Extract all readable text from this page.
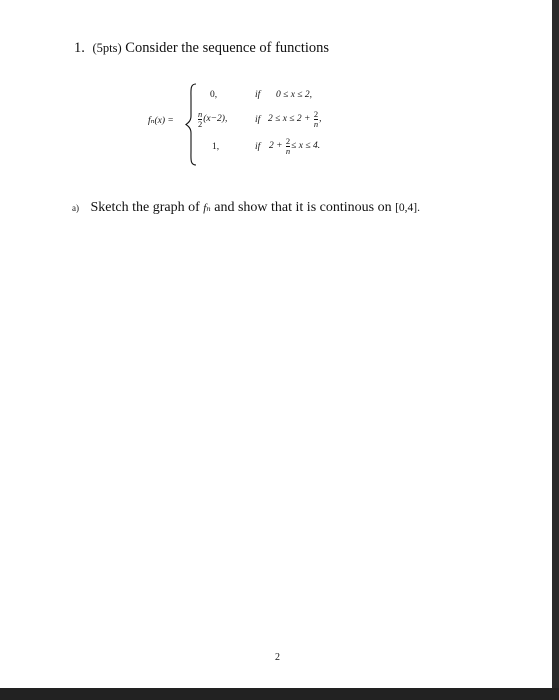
1. (5pts) Consider the sequence of functions
fₙ(x) =
0,	if 0 ≤ x ≤ 2,
$\frac{n}{2} (x-2)$,	if $2 \le x \le 2 + \frac{2}{n}$ ,
1,	if $2 + \frac{2}{n} \le x \le 4$.
a) Sketch the graph of fₙ and show that it is continous on [0,4].
2
